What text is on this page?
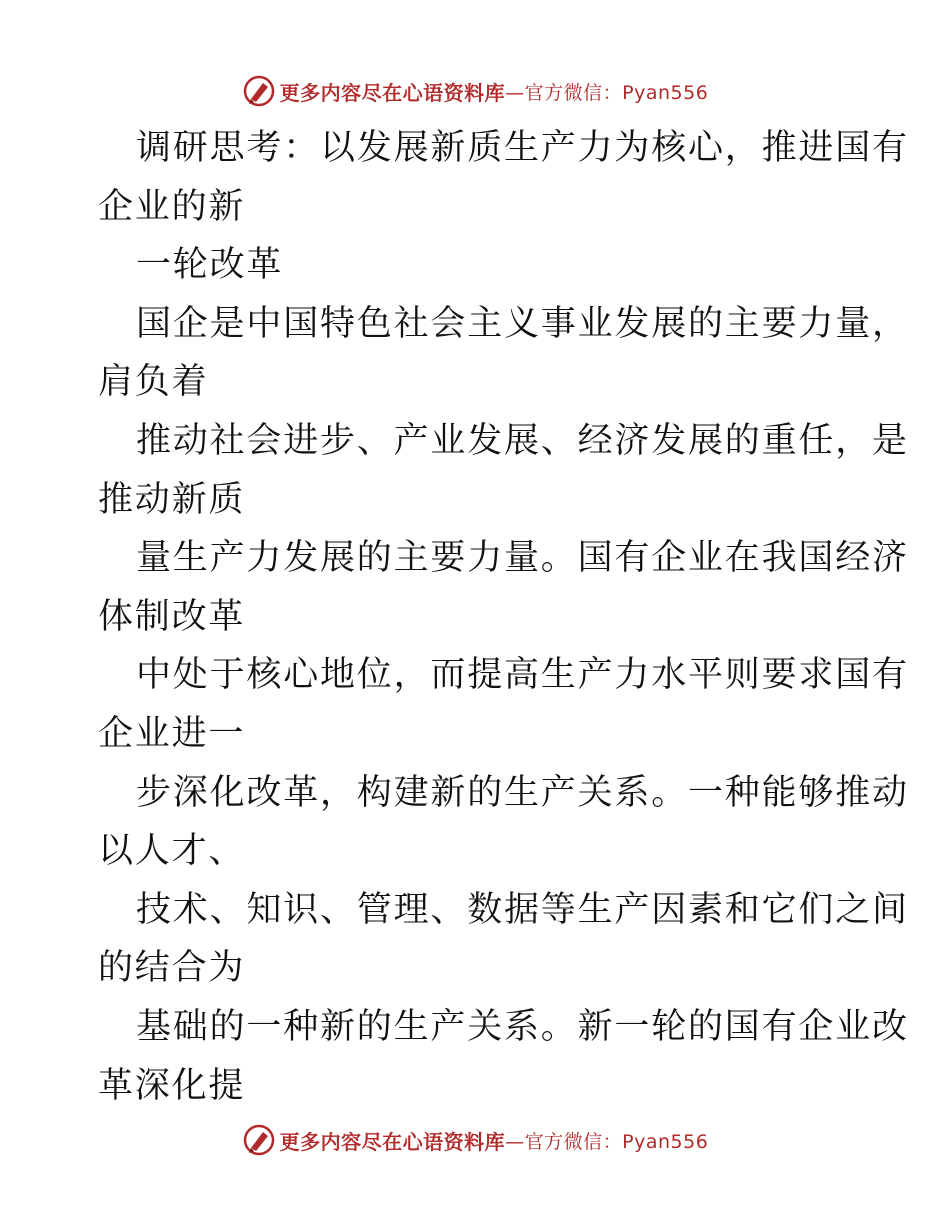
更多内容尽在心语资料库 —官方微信：Pyan556
调研思考：以发展新质生产力为核心，推进国有
企业的新
一轮改革
国企是中国特色社会主义事业发展的主要力量，
肩负着
推动社会进步、产业发展、经济发展的重任，是
推动新质
量生产力发展的主要力量。国有企业在我国经济
体制改革
中处于核心地位，而提高生产力水平则要求国有
企业进一
步深化改革，构建新的生产关系。一种能够推动
以人才、
技术、知识、管理、数据等生产因素和它们之间
的结合为
基础的一种新的生产关系。新一轮的国有企业改
革深化提
更多内容尽在心语资料库 —官方微信：Pyan556
